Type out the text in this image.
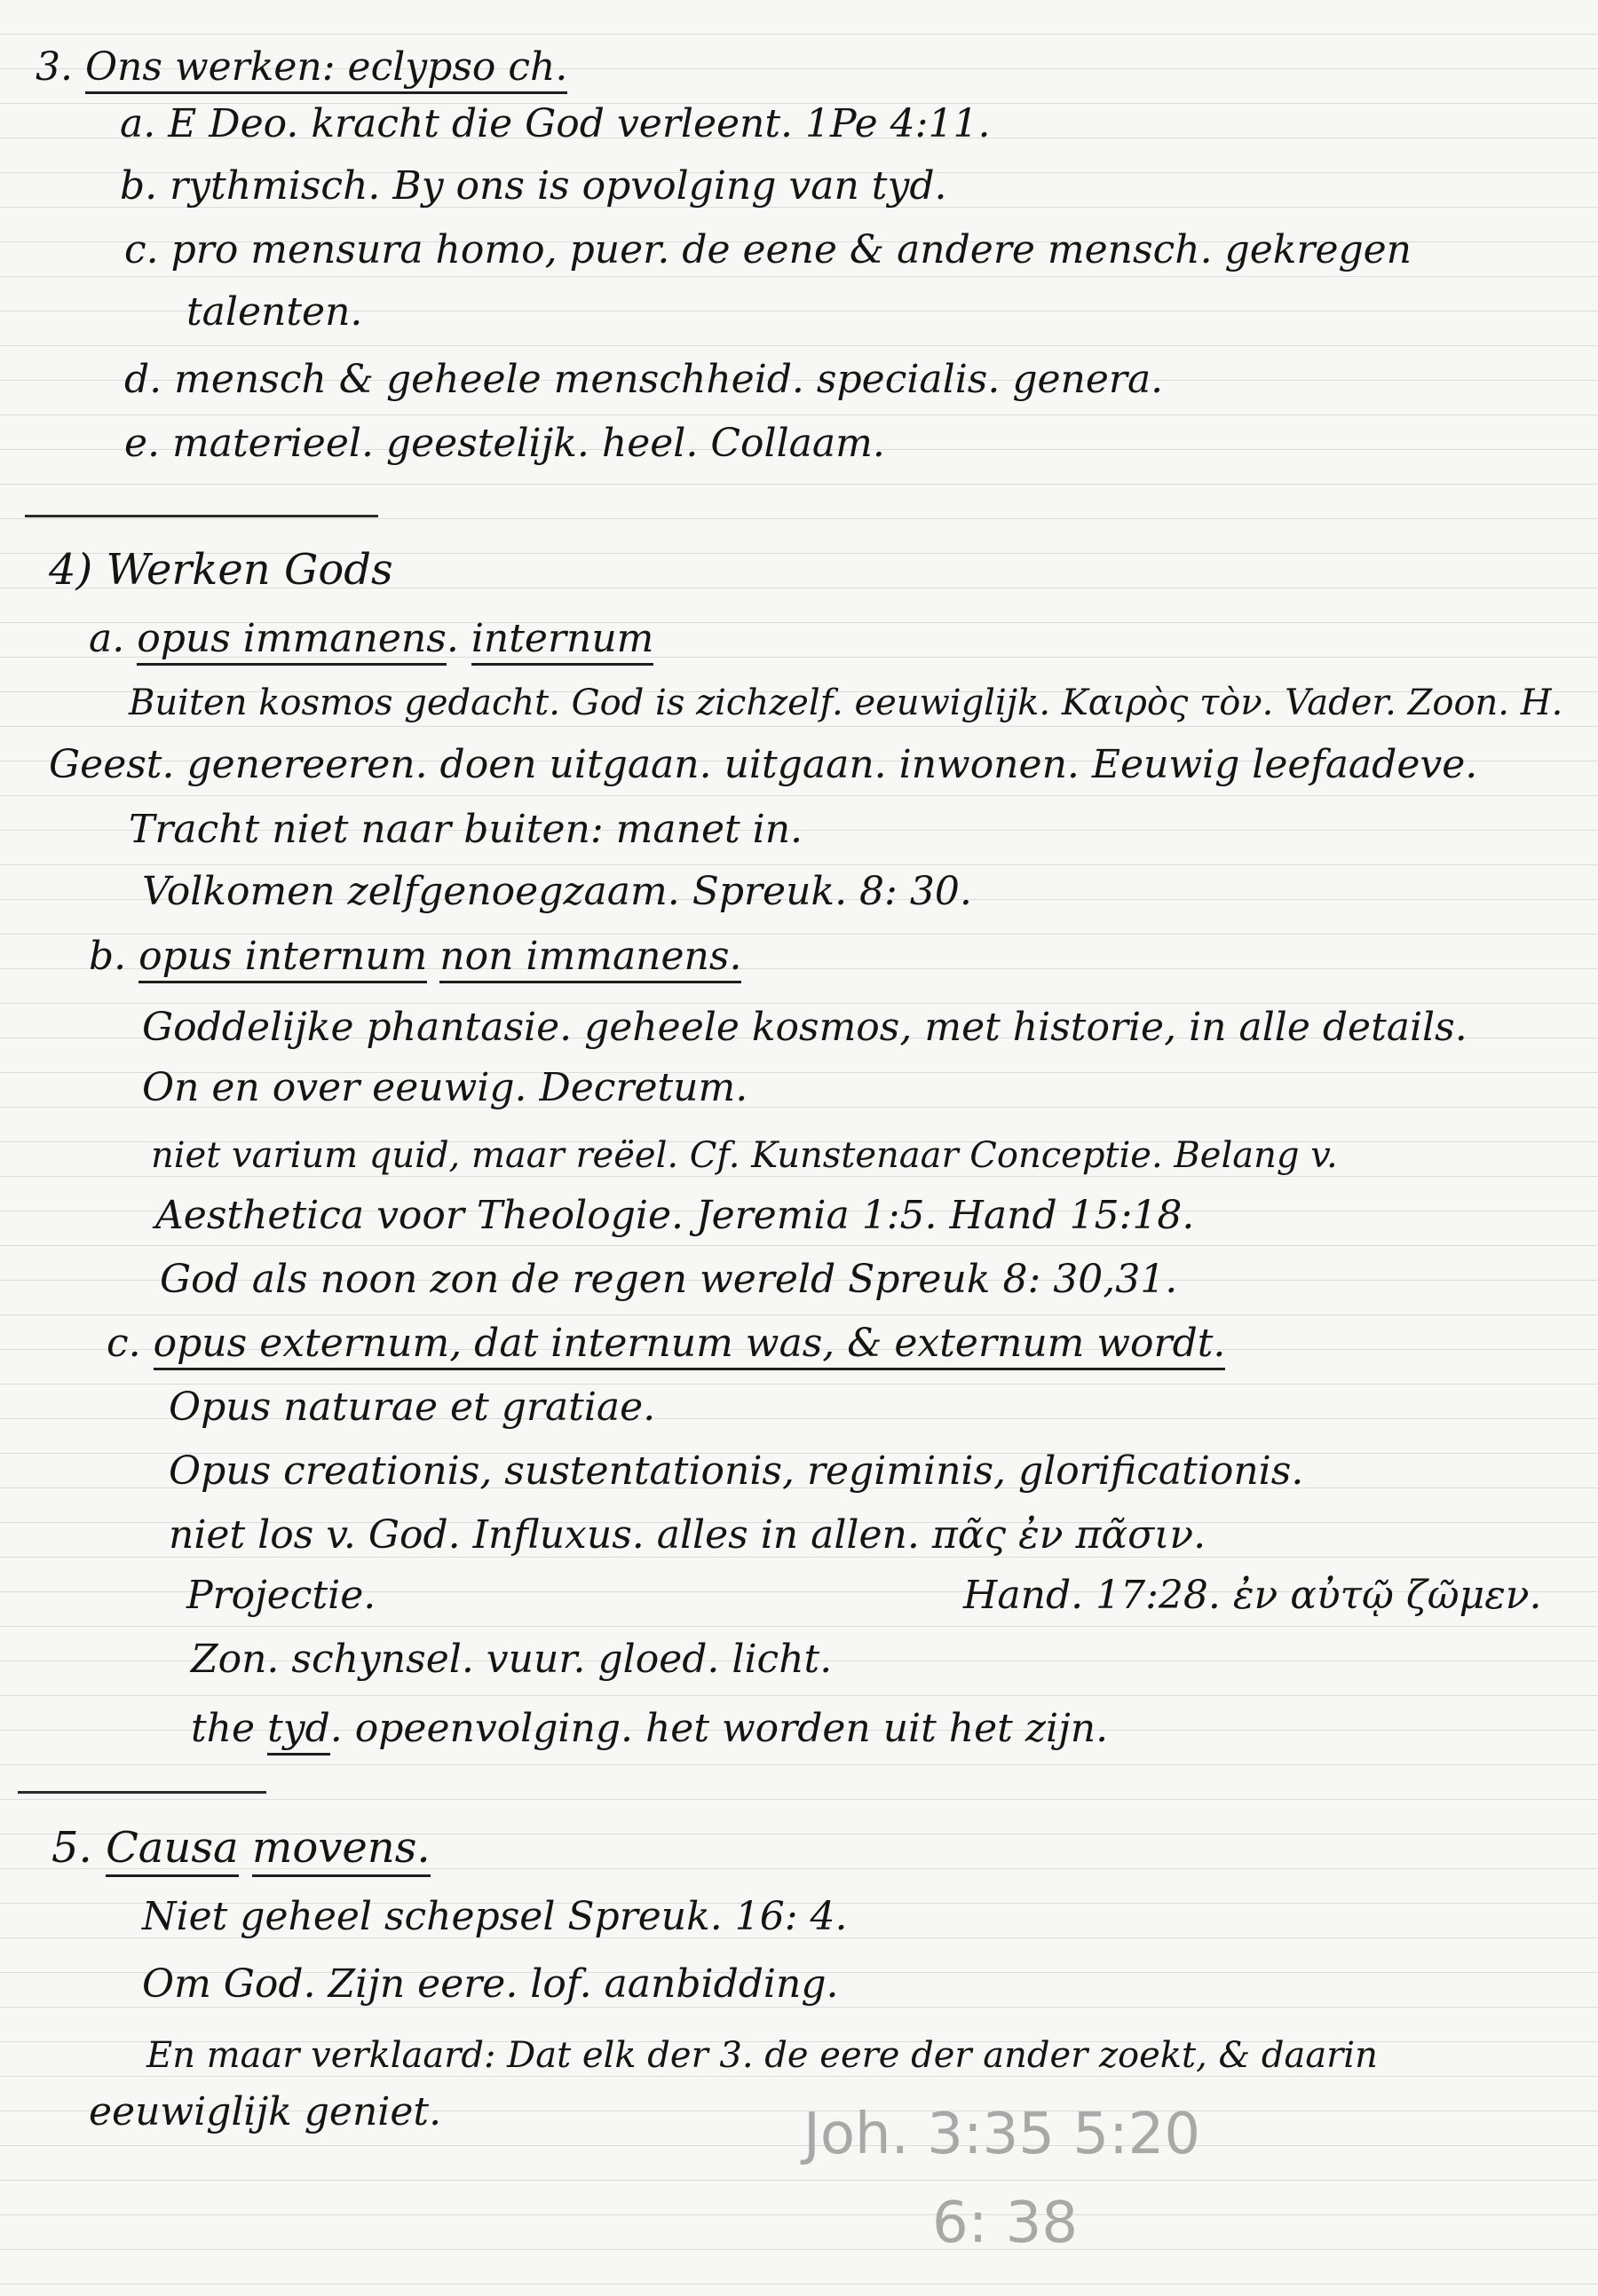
3. Ons werken: eclypso ch.
a. E Deo. kracht die God verleent. 1Pe 4:11.
b. rythmisch. By ons is opvolging van tyd.
c. pro mensura homo, puer. de eene & andere mensch. gekregen
talenten.
d. mensch & geheele menschheid. specialis. genera.
e. materieel. geestelijk. heel. Collaam.
4) Werken Gods
a. opus immanens. internum
Buiten kosmos gedacht. God is zichzelf. eeuwiglijk. Καιρὸς τὸν. Vader. Zoon. H.
Geest. genereeren. doen uitgaan. uitgaan. inwonen. Eeuwig leefaadeve.
Tracht niet naar buiten: manet in.
Volkomen zelfgenoegzaam. Spreuk. 8: 30.
b. opus internum non immanens.
Goddelijke phantasie. geheele kosmos, met historie, in alle details.
On en over eeuwig. Decretum.
niet varium quid, maar reëel. Cf. Kunstenaar Conceptie. Belang v.
Aesthetica voor Theologie. Jeremia 1:5. Hand 15:18.
God als noon zon de regen wereld Spreuk 8: 30,31.
c. opus externum, dat internum was, & externum wordt.
Opus naturae et gratiae.
Opus creationis, sustentationis, regiminis, glorificationis.
niet los v. God. Influxus. alles in allen. πᾶς ἐν πᾶσιν.
Projectie.	Hand. 17:28. ἐν αὐτῷ ζῶμεν.
Zon. schynsel. vuur. gloed. licht.
the tyd. opeenvolging. het worden uit het zijn.
5. Causa movens.
Niet geheel schepsel Spreuk. 16: 4.
Om God. Zijn eere. lof. aanbidding.
En maar verklaard: Dat elk der 3. de eere der ander zoekt, & daarin
eeuwiglijk geniet.	Joh. 3:35 5:20
6: 38
